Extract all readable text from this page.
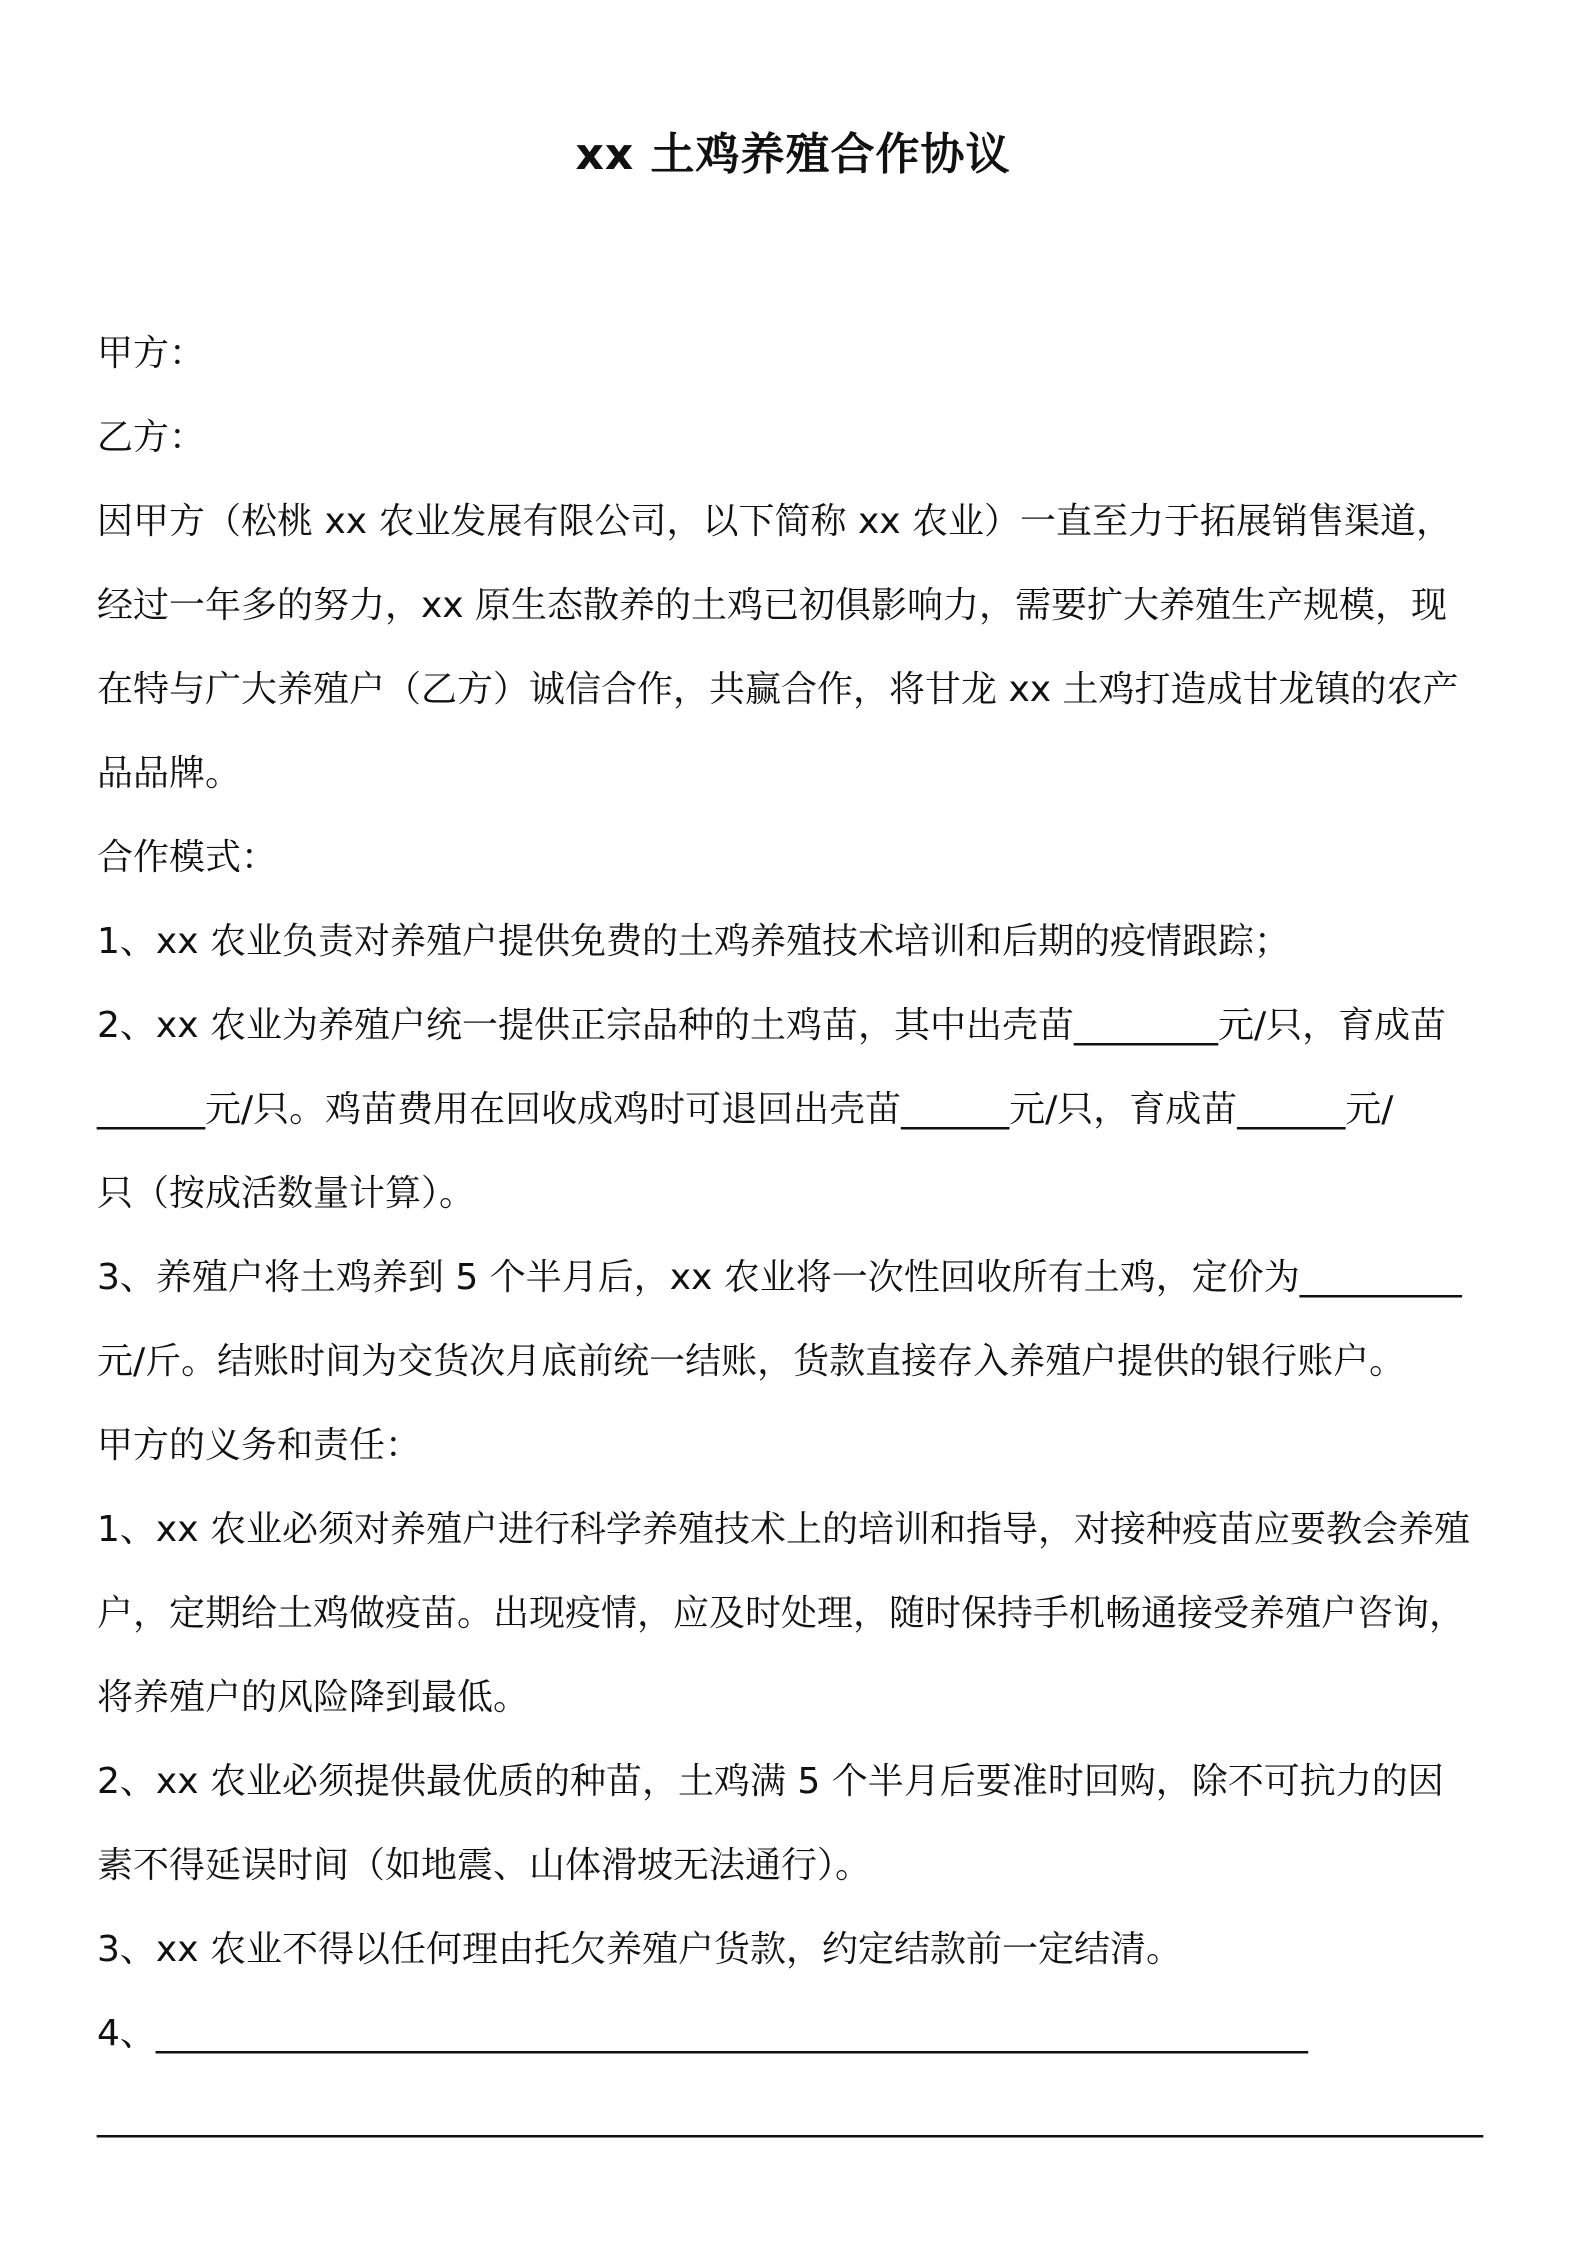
xx 土鸡养殖合作协议

甲方：

乙方：

因甲方（松桃 xx 农业发展有限公司，以下简称 xx 农业）一直至力于拓展销售渠道，

经过一年多的努力，xx 原生态散养的土鸡已初俱影响力，需要扩大养殖生产规模，现

在特与广大养殖户（乙方）诚信合作，共赢合作，将甘龙 xx 土鸡打造成甘龙镇的农产

品品牌。

合作模式：

1、xx 农业负责对养殖户提供免费的土鸡养殖技术培训和后期的疫情跟踪；

2、xx 农业为养殖户统一提供正宗品种的土鸡苗，其中出壳苗________元/只，育成苗

______元/只。鸡苗费用在回收成鸡时可退回出壳苗______元/只，育成苗______元/

只（按成活数量计算）。

3、养殖户将土鸡养到 5 个半月后，xx 农业将一次性回收所有土鸡，定价为_________

元/斤。结账时间为交货次月底前统一结账，货款直接存入养殖户提供的银行账户。

甲方的义务和责任：

1、xx 农业必须对养殖户进行科学养殖技术上的培训和指导，对接种疫苗应要教会养殖

户，定期给土鸡做疫苗。出现疫情，应及时处理，随时保持手机畅通接受养殖户咨询，

将养殖户的风险降到最低。

2、xx 农业必须提供最优质的种苗，土鸡满 5 个半月后要准时回购，除不可抗力的因

素不得延误时间（如地震、山体滑坡无法通行）。

3、xx 农业不得以任何理由托欠养殖户货款，约定结款前一定结清。

4、________________________________________________________________

_____________________________________________________________________________
